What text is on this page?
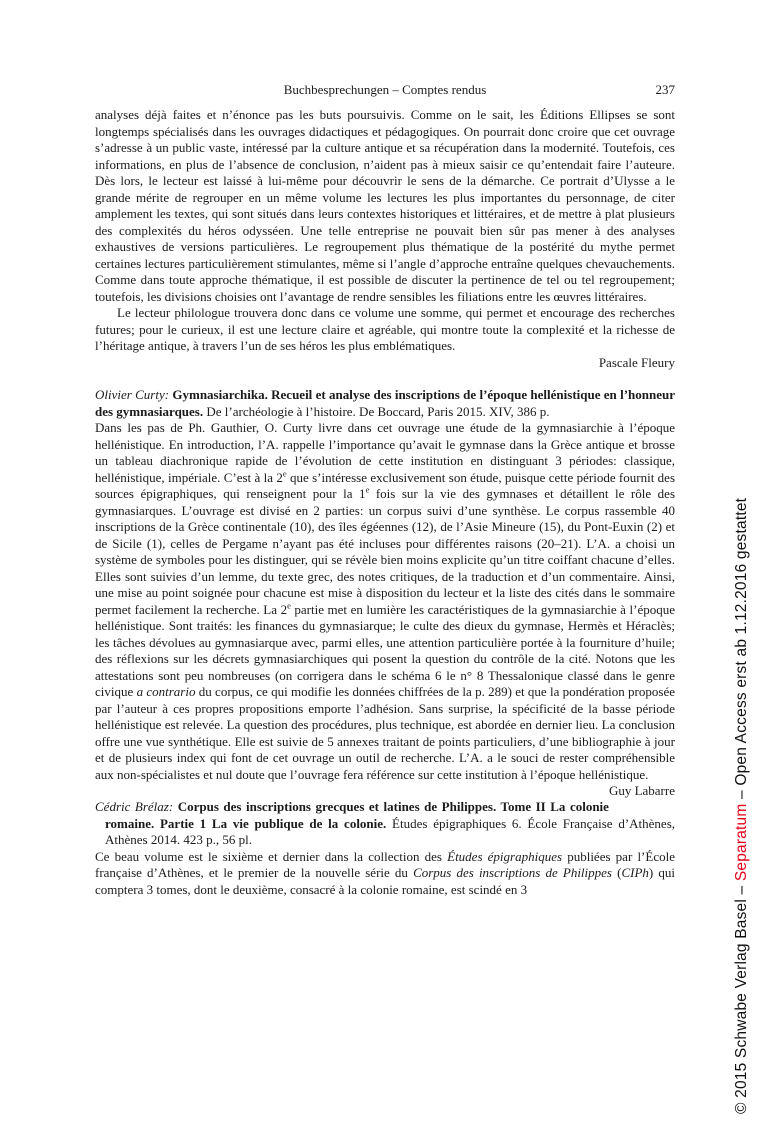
Buchbesprechungen – Comptes rendus	237

analyses déjà faites et n’énonce pas les buts poursuivis. Comme on le sait, les Éditions Ellipses se sont longtemps spécialisés dans les ouvrages didactiques et pédagogiques. On pourrait donc croire que cet ouvrage s’adresse à un public vaste, intéressé par la culture antique et sa récupération dans la modernité. Toutefois, ces informations, en plus de l’absence de conclusion, n’aident pas à mieux saisir ce qu’entendait faire l’auteure. Dès lors, le lecteur est laissé à lui-même pour découvrir le sens de la démarche. Ce portrait d’Ulysse a le grande mérite de regrouper en un même volume les lectures les plus importantes du personnage, de citer amplement les textes, qui sont situés dans leurs contextes historiques et littéraires, et de mettre à plat plusieurs des complexités du héros odysséen. Une telle entreprise ne pouvait bien sûr pas mener à des analyses exhaustives de versions particulières. Le regroupement plus thématique de la postérité du mythe permet certaines lectures particulièrement stimulantes, même si l’angle d’approche entraîne quelques chevauchements. Comme dans toute approche thématique, il est possible de discuter la pertinence de tel ou tel regroupement; toutefois, les divisions choisies ont l’avantage de rendre sensibles les filiations entre les œuvres littéraires.

Le lecteur philologue trouvera donc dans ce volume une somme, qui permet et encourage des recherches futures; pour le curieux, il est une lecture claire et agréable, qui montre toute la complexité et la richesse de l’héritage antique, à travers l’un de ses héros les plus emblématiques.

Pascale Fleury

Olivier Curty: Gymnasiarchika. Recueil et analyse des inscriptions de l’époque hellénistique en l’honneur des gymnasiarques. De l’archéologie à l’histoire. De Boccard, Paris 2015. XIV, 386 p.

Dans les pas de Ph. Gauthier, O. Curty livre dans cet ouvrage une étude de la gymnasiarchie à l’époque hellénistique. En introduction, l’A. rappelle l’importance qu’avait le gymnase dans la Grèce antique et brosse un tableau diachronique rapide de l’évolution de cette institution en distinguant 3 périodes: classique, hellénistique, impériale. C’est à la 2e que s’intéresse exclusivement son étude, puisque cette période fournit des sources épigraphiques, qui renseignent pour la 1e fois sur la vie des gymnases et détaillent le rôle des gymnasiarques. L’ouvrage est divisé en 2 parties: un corpus suivi d’une synthèse. Le corpus rassemble 40 inscriptions de la Grèce continentale (10), des îles égéennes (12), de l’Asie Mineure (15), du Pont-Euxin (2) et de Sicile (1), celles de Pergame n’ayant pas été incluses pour différentes raisons (20–21). L’A. a choisi un système de symboles pour les distinguer, qui se révèle bien moins explicite qu’un titre coiffant chacune d’elles. Elles sont suivies d’un lemme, du texte grec, des notes critiques, de la traduction et d’un commentaire. Ainsi, une mise au point soignée pour chacune est mise à disposition du lecteur et la liste des cités dans le sommaire permet facilement la recherche. La 2e partie met en lumière les caractéristiques de la gymnasiarchie à l’époque hellénistique. Sont traités: les finances du gymnasiarque; le culte des dieux du gymnase, Hermès et Héraclès; les tâches dévolues au gymnasiarque avec, parmi elles, une attention particulière portée à la fourniture d’huile; des réflexions sur les décrets gymnasiarchiques qui posent la question du contrôle de la cité. Notons que les attestations sont peu nombreuses (on corrigera dans le schéma 6 le n° 8 Thessalonique classé dans le genre civique a contrario du corpus, ce qui modifie les données chiffrées de la p. 289) et que la pondération proposée par l’auteur à ces propres propositions emporte l’adhésion. Sans surprise, la spécificité de la basse période hellénistique est relevée. La question des procédures, plus technique, est abordée en dernier lieu. La conclusion offre une vue synthétique. Elle est suivie de 5 annexes traitant de points particuliers, d’une bibliographie à jour et de plusieurs index qui font de cet ouvrage un outil de recherche. L’A. a le souci de rester compréhensible aux non-spécialistes et nul doute que l’ouvrage fera référence sur cette institution à l’époque hellénistique.
Guy Labarre

Cédric Brélaz: Corpus des inscriptions grecques et latines de Philippes. Tome II La colonie romaine. Partie 1 La vie publique de la colonie. Études épigraphiques 6. École Française d’Athènes, Athènes 2014. 423 p., 56 pl.

Ce beau volume est le sixième et dernier dans la collection des Études épigraphiques publiées par l’École française d’Athènes, et le premier de la nouvelle série du Corpus des inscriptions de Philippes (CIPh) qui comptera 3 tomes, dont le deuxième, consacré à la colonie romaine, est scindé en 3	© 2015 Schwabe Verlag Basel – Separatum – Open Access erst ab 1.12.2016 gestattet
